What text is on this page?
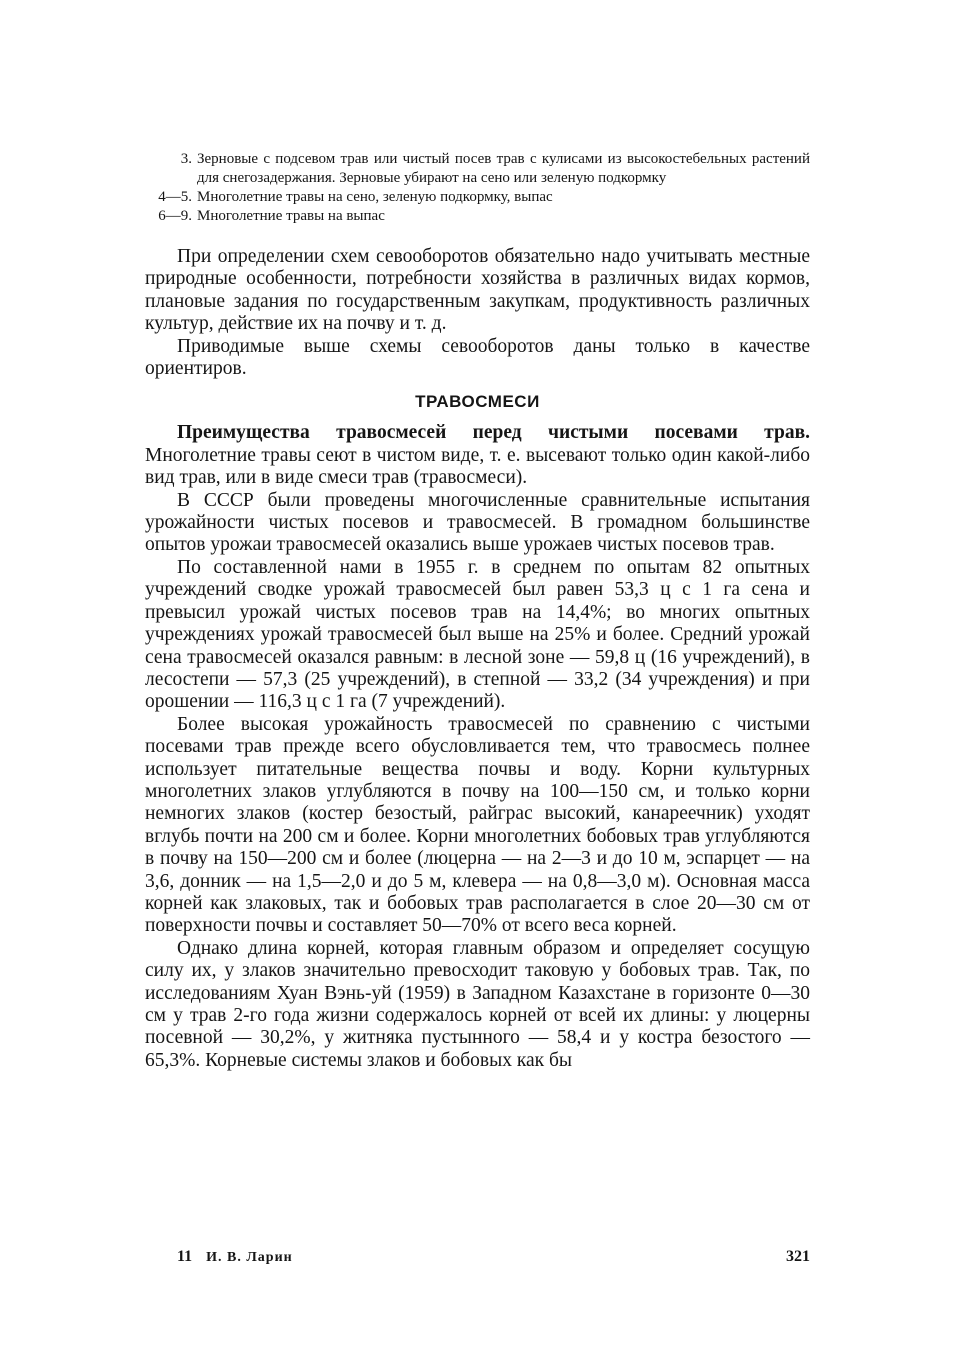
3. Зерновые с подсевом трав или чистый посев трав с кулисами из высокостебельных растений для снегозадержания. Зерновые убирают на сено или зеленую подкормку
4—5. Многолетние травы на сено, зеленую подкормку, выпас
6—9. Многолетние травы на выпас

При определении схем севооборотов обязательно надо учитывать местные природные особенности, потребности хозяйства в различных видах кормов, плановые задания по государственным закупкам, продуктивность различных культур, действие их на почву и т. д.

Приводимые выше схемы севооборотов даны только в качестве ориентиров.

ТРАВОСМЕСИ

Преимущества травосмесей перед чистыми посевами трав. Многолетние травы сеют в чистом виде, т. е. высевают только один какой-либо вид трав, или в виде смеси трав (травосмеси).

В СССР были проведены многочисленные сравнительные испытания урожайности чистых посевов и травосмесей. В громадном большинстве опытов урожаи травосмесей оказались выше урожаев чистых посевов трав.

По составленной нами в 1955 г. в среднем по опытам 82 опытных учреждений сводке урожай травосмесей был равен 53,3 ц с 1 га сена и превысил урожай чистых посевов трав на 14,4%; во многих опытных учреждениях урожай травосмесей был выше на 25% и более. Средний урожай сена травосмесей оказался равным: в лесной зоне — 59,8 ц (16 учреждений), в лесостепи — 57,3 (25 учреждений), в степной — 33,2 (34 учреждения) и при орошении — 116,3 ц с 1 га (7 учреждений).

Более высокая урожайность травосмесей по сравнению с чистыми посевами трав прежде всего обусловливается тем, что травосмесь полнее использует питательные вещества почвы и воду. Корни культурных многолетних злаков углубляются в почву на 100—150 см, и только корни немногих злаков (костер безостый, райграс высокий, канареечник) уходят вглубь почти на 200 см и более. Корни многолетних бобовых трав углубляются в почву на 150—200 см и более (люцерна — на 2—3 и до 10 м, эспарцет — на 3,6, донник — на 1,5—2,0 и до 5 м, клевера — на 0,8—3,0 м). Основная масса корней как злаковых, так и бобовых трав располагается в слое 20—30 см от поверхности почвы и составляет 50—70% от всего веса корней.

Однако длина корней, которая главным образом и определяет сосущую силу их, у злаков значительно превосходит таковую у бобовых трав. Так, по исследованиям Хуан Вэнь-уй (1959) в Западном Казахстане в горизонте 0—30 см у трав 2-го года жизни содержалось корней от всей их длины: у люцерны посевной — 30,2%, у житняка пустынного — 58,4 и у костра безостого — 65,3%. Корневые системы злаков и бобовых как бы

11 И. В. Ларин	321
